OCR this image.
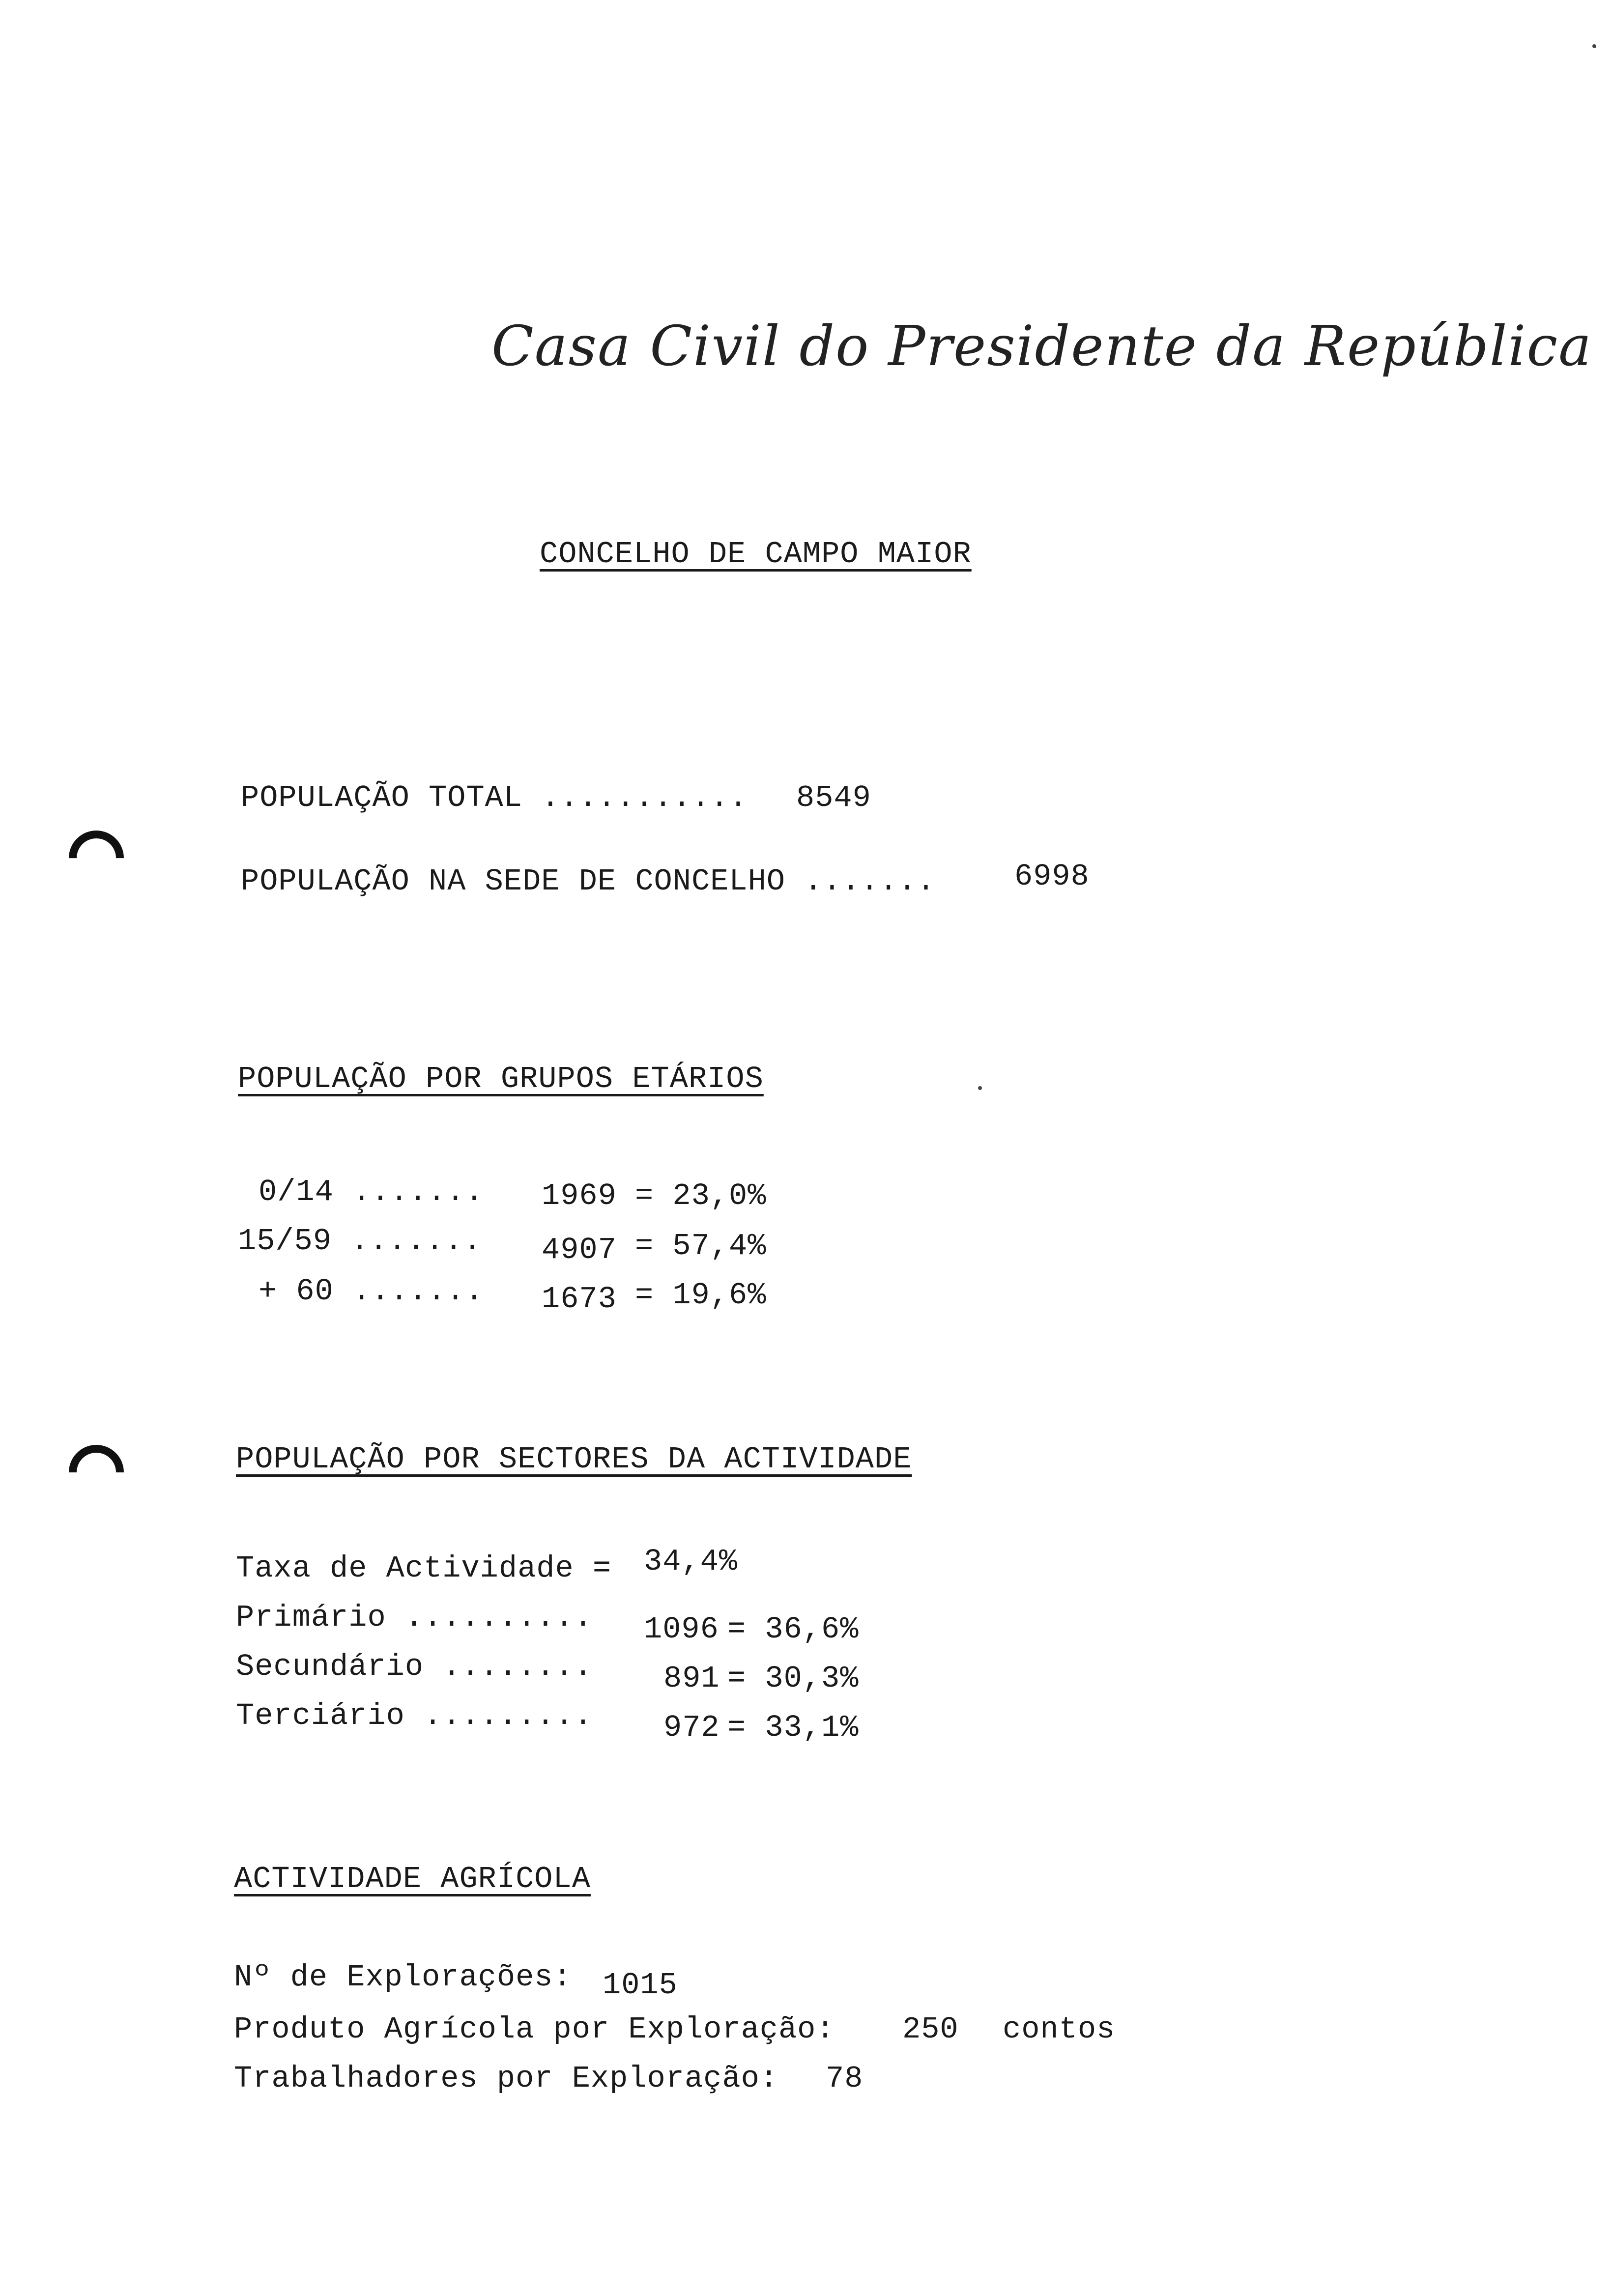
Casa Civil do Presidente da República
CONCELHO DE CAMPO MAIOR
POPULAÇÃO TOTAL ........... 8549
POPULAÇÃO NA SEDE DE CONCELHO .......	6998
POPULAÇÃO POR GRUPOS ETÁRIOS
0/14 ....... 1969 = 23,0%
15/59 ....... 4907 = 57,4%
+ 60 ....... 1673 = 19,6%
POPULAÇÃO POR SECTORES DA ACTIVIDADE
Taxa de Actividade = 34,4%
Primário .......... 1096 = 36,6%
Secundário ........ 891 = 30,3%
Terciário ......... 972 = 33,1%
ACTIVIDADE AGRÍCOLA
Nº de Explorações: 1015
Produto Agrícola por Exploração: 250 contos
Trabalhadores por Exploração: 78
